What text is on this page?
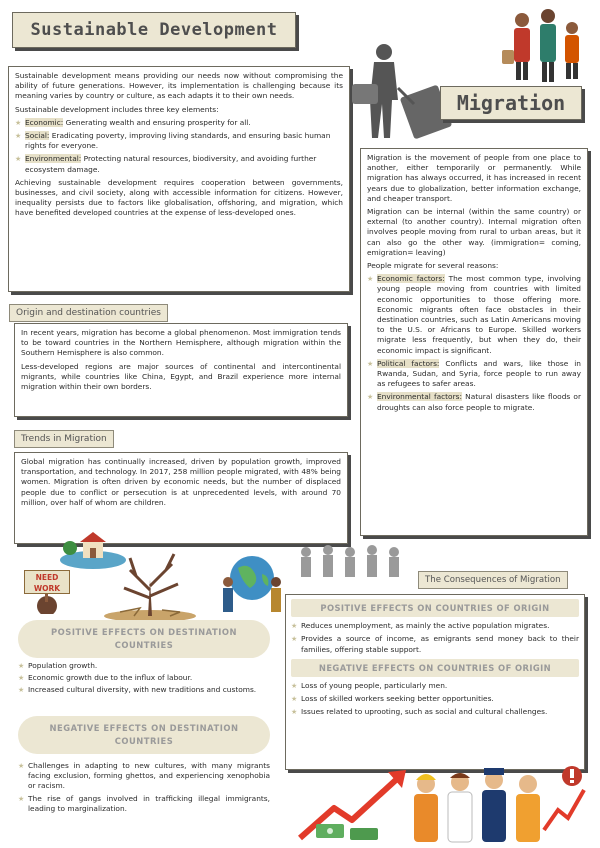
Sustainable Development

Sustainable development means providing our needs now without compromising the ability of future generations. However, its implementation is challenging because its meaning varies by country or culture, as each adapts it to their own needs.

Sustainable development includes three key elements:

★ Economic: Generating wealth and ensuring prosperity for all.
★ Social: Eradicating poverty, improving living standards, and ensuring basic human rights for everyone.
★ Environmental: Protecting natural resources, biodiversity, and avoiding further ecosystem damage.

Achieving sustainable development requires cooperation between governments, businesses, and civil society, along with accessible information for citizens. However, inequality persists due to factors like globalisation, offshoring, and migration, which have benefited developed countries at the expense of less-developed ones.

Origin and destination countries

In recent years, migration has become a global phenomenon. Most immigration tends to be toward countries in the Northern Hemisphere, although migration within the Southern Hemisphere is also common.

Less-developed regions are major sources of continental and intercontinental migrants, while countries like China, Egypt, and Brazil experience more internal migration within their own borders.

Trends in Migration

Global migration has continually increased, driven by population growth, improved transportation, and technology. In 2017, 258 million people migrated, with 48% being women. Migration is often driven by economic needs, but the number of displaced people due to conflict or persecution is at unprecedented levels, with around 70 million, over half of whom are children.

Migration

Migration is the movement of people from one place to another, either temporarily or permanently. While migration has always occurred, it has increased in recent years due to globalization, better information exchange, and cheaper transport.

Migration can be internal (within the same country) or external (to another country). Internal migration often involves people moving from rural to urban areas, but it can also go the other way. (immigration= coming, emigration= leaving)

People migrate for several reasons:

★ Economic factors: The most common type, involving young people moving from countries with limited economic opportunities to those offering more. Economic migrants often face obstacles in their destination countries, such as Latin Americans moving to the U.S. or Africans to Europe. Skilled workers migrate less frequently, but when they do, their economic impact is significant.
★ Political factors: Conflicts and wars, like those in Rwanda, Sudan, and Syria, force people to run away as refugees to safer areas.
★ Environmental factors: Natural disasters like floods or droughts can also force people to migrate.
NEED WORK
POSITIVE EFFECTS ON DESTINATION COUNTRIES
★ Population growth.
★ Economic growth due to the influx of labour.
★ Increased cultural diversity, with new traditions and customs.
NEGATIVE EFFECTS ON DESTINATION COUNTRIES
★ Challenges in adapting to new cultures, with many migrants facing exclusion, forming ghettos, and experiencing xenophobia or racism.
★ The rise of gangs involved in trafficking illegal immigrants, leading to marginalization.
The Consequences of Migration
POSITIVE EFFECTS ON COUNTRIES OF ORIGIN
★ Reduces unemployment, as mainly the active population migrates.
★ Provides a source of income, as emigrants send money back to their families, offering stable support.
NEGATIVE EFFECTS ON COUNTRIES OF ORIGIN
★ Loss of young people, particularly men.
★ Loss of skilled workers seeking better opportunities.
★ Issues related to uprooting, such as social and cultural challenges.
